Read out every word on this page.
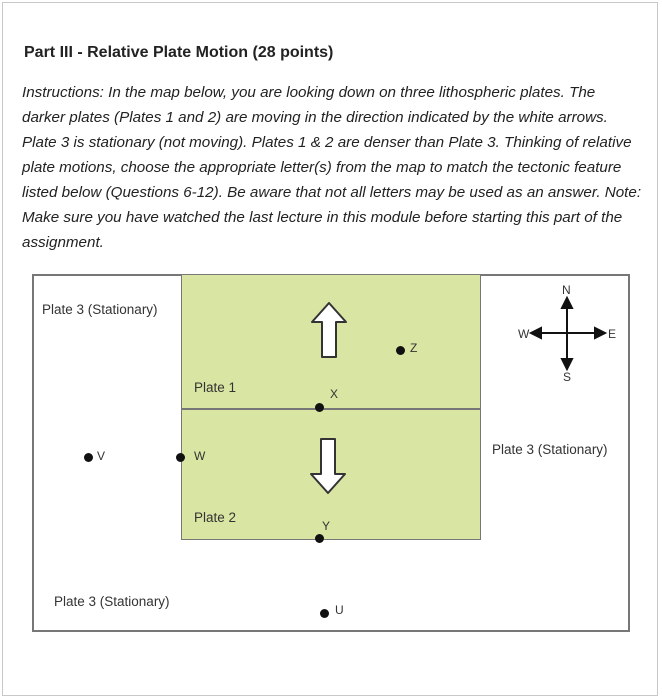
Part III - Relative Plate Motion (28 points)

Instructions: In the map below, you are looking down on three lithospheric plates. The darker plates (Plates 1 and 2) are moving in the direction indicated by the white arrows. Plate 3 is stationary (not moving). Plates 1 & 2 are denser than Plate 3. Thinking of relative plate motions, choose the appropriate letter(s) from the map to match the tectonic feature listed below (Questions 6-12). Be aware that not all letters may be used as an answer. Note: Make sure you have watched the last lecture in this module before starting this part of the assignment.

Plate 3 (Stationary)
Plate 3 (Stationary)
Plate 3 (Stationary)
Plate 1
Plate 2
Z
X
V	W
Y
U
N
S
W	E
